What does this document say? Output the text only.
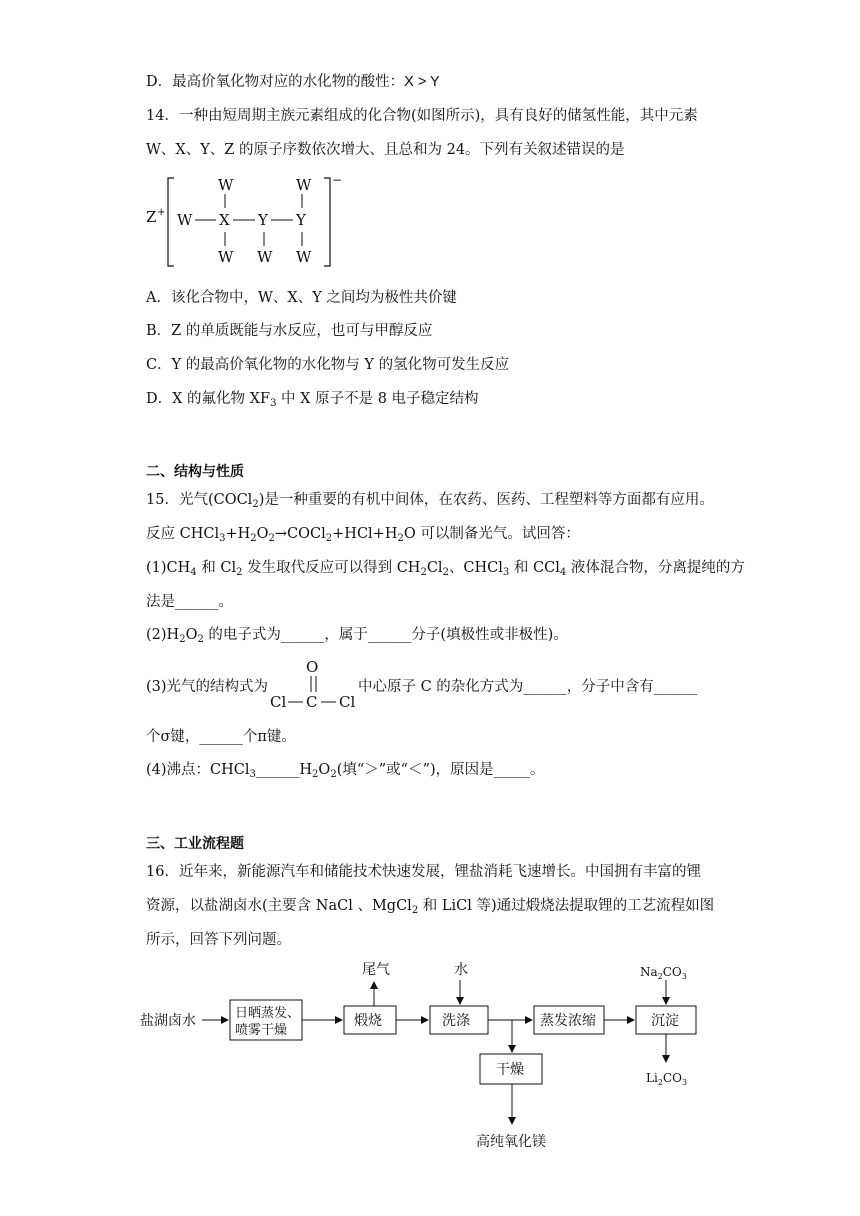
D．最高价氧化物对应的水化物的酸性：X > Y
14．一种由短周期主族元素组成的化合物(如图所示)，具有良好的储氢性能，其中元素
W、X、Y、Z 的原子序数依次增大、且总和为 24。下列有关叙述错误的是
Z +
−
W	W
W X Y Y
W W W
A．该化合物中，W、X、Y 之间均为极性共价键
B．Z 的单质既能与水反应，也可与甲醇反应
C．Y 的最高价氧化物的水化物与 Y 的氢化物可发生反应
D．X 的氟化物 $XF_3$ 中 X 原子不是 8 电子稳定结构
二、结构与性质
15．光气(COCl$_2$)是一种重要的有机中间体，在农药、医药、工程塑料等方面都有应用。
反应 $CHCl_3+H_2O_2\to COCl_2+HCl+H_2O$ 可以制备光气。试回答：
$(1)CH_4$ 和 $Cl_2$ 发生取代反应可以得到 $CH_2Cl_2$、CHCl$_3$ 和 CCl$_4$ 液体混合物，分离提纯的方
法是______。
$(2)H_2O_2$ 的电子式为______，属于______分子(填极性或非极性)。
(3)光气的结构式为
O
Cl C Cl
中心原子 C 的杂化方式为______，分子中含有______
个σ键，______个π键。
(4)沸点：$CHCl_3\_\_\_\_\_\_H_2O_2$(填“＞”或“＜”)，原因是_____。
三、工业流程题
16．近年来，新能源汽车和储能技术快速发展，锂盐消耗飞速增长。中国拥有丰富的锂
资源，以盐湖卤水(主要含 NaCl 、MgCl$_2$ 和 LiCl 等)通过煅烧法提取锂的工艺流程如图
所示，回答下列问题。
盐湖卤水	日晒蒸发、
喷雾干燥
煅烧
尾气	水
洗涤
干燥
高纯氧化镁
蒸发浓缩
$Na_2CO_3$
沉淀
$Li_2CO_3$
